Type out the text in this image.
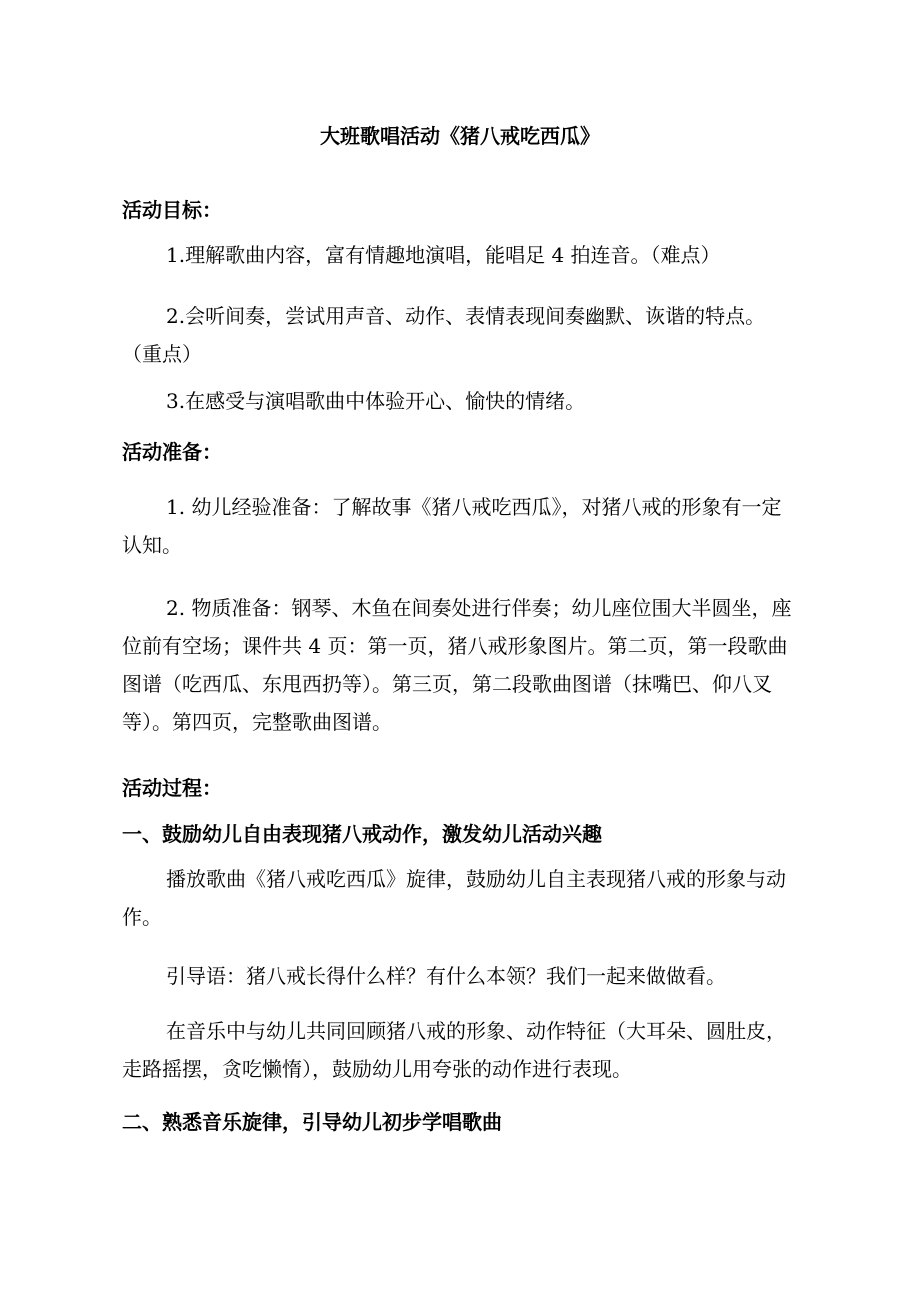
大班歌唱活动《猪八戒吃西瓜》
活动目标：

1.理解歌曲内容，富有情趣地演唱，能唱足 4 拍连音。（难点）

2.会听间奏，尝试用声音、动作、表情表现间奏幽默、诙谐的特点。（重点）

3.在感受与演唱歌曲中体验开心、愉快的情绪。

活动准备：

1. 幼儿经验准备：了解故事《猪八戒吃西瓜》，对猪八戒的形象有一定认知。

2. 物质准备：钢琴、木鱼在间奏处进行伴奏；幼儿座位围大半圆坐，座位前有空场；课件共 4 页：第一页，猪八戒形象图片。第二页，第一段歌曲图谱（吃西瓜、东甩西扔等）。第三页，第二段歌曲图谱（抹嘴巴、仰八叉等）。第四页，完整歌曲图谱。

活动过程：
一、鼓励幼儿自由表现猪八戒动作，激发幼儿活动兴趣

播放歌曲《猪八戒吃西瓜》旋律，鼓励幼儿自主表现猪八戒的形象与动作。

引导语：猪八戒长得什么样？有什么本领？我们一起来做做看。

在音乐中与幼儿共同回顾猪八戒的形象、动作特征（大耳朵、圆肚皮，走路摇摆，贪吃懒惰），鼓励幼儿用夸张的动作进行表现。

二、熟悉音乐旋律，引导幼儿初步学唱歌曲
